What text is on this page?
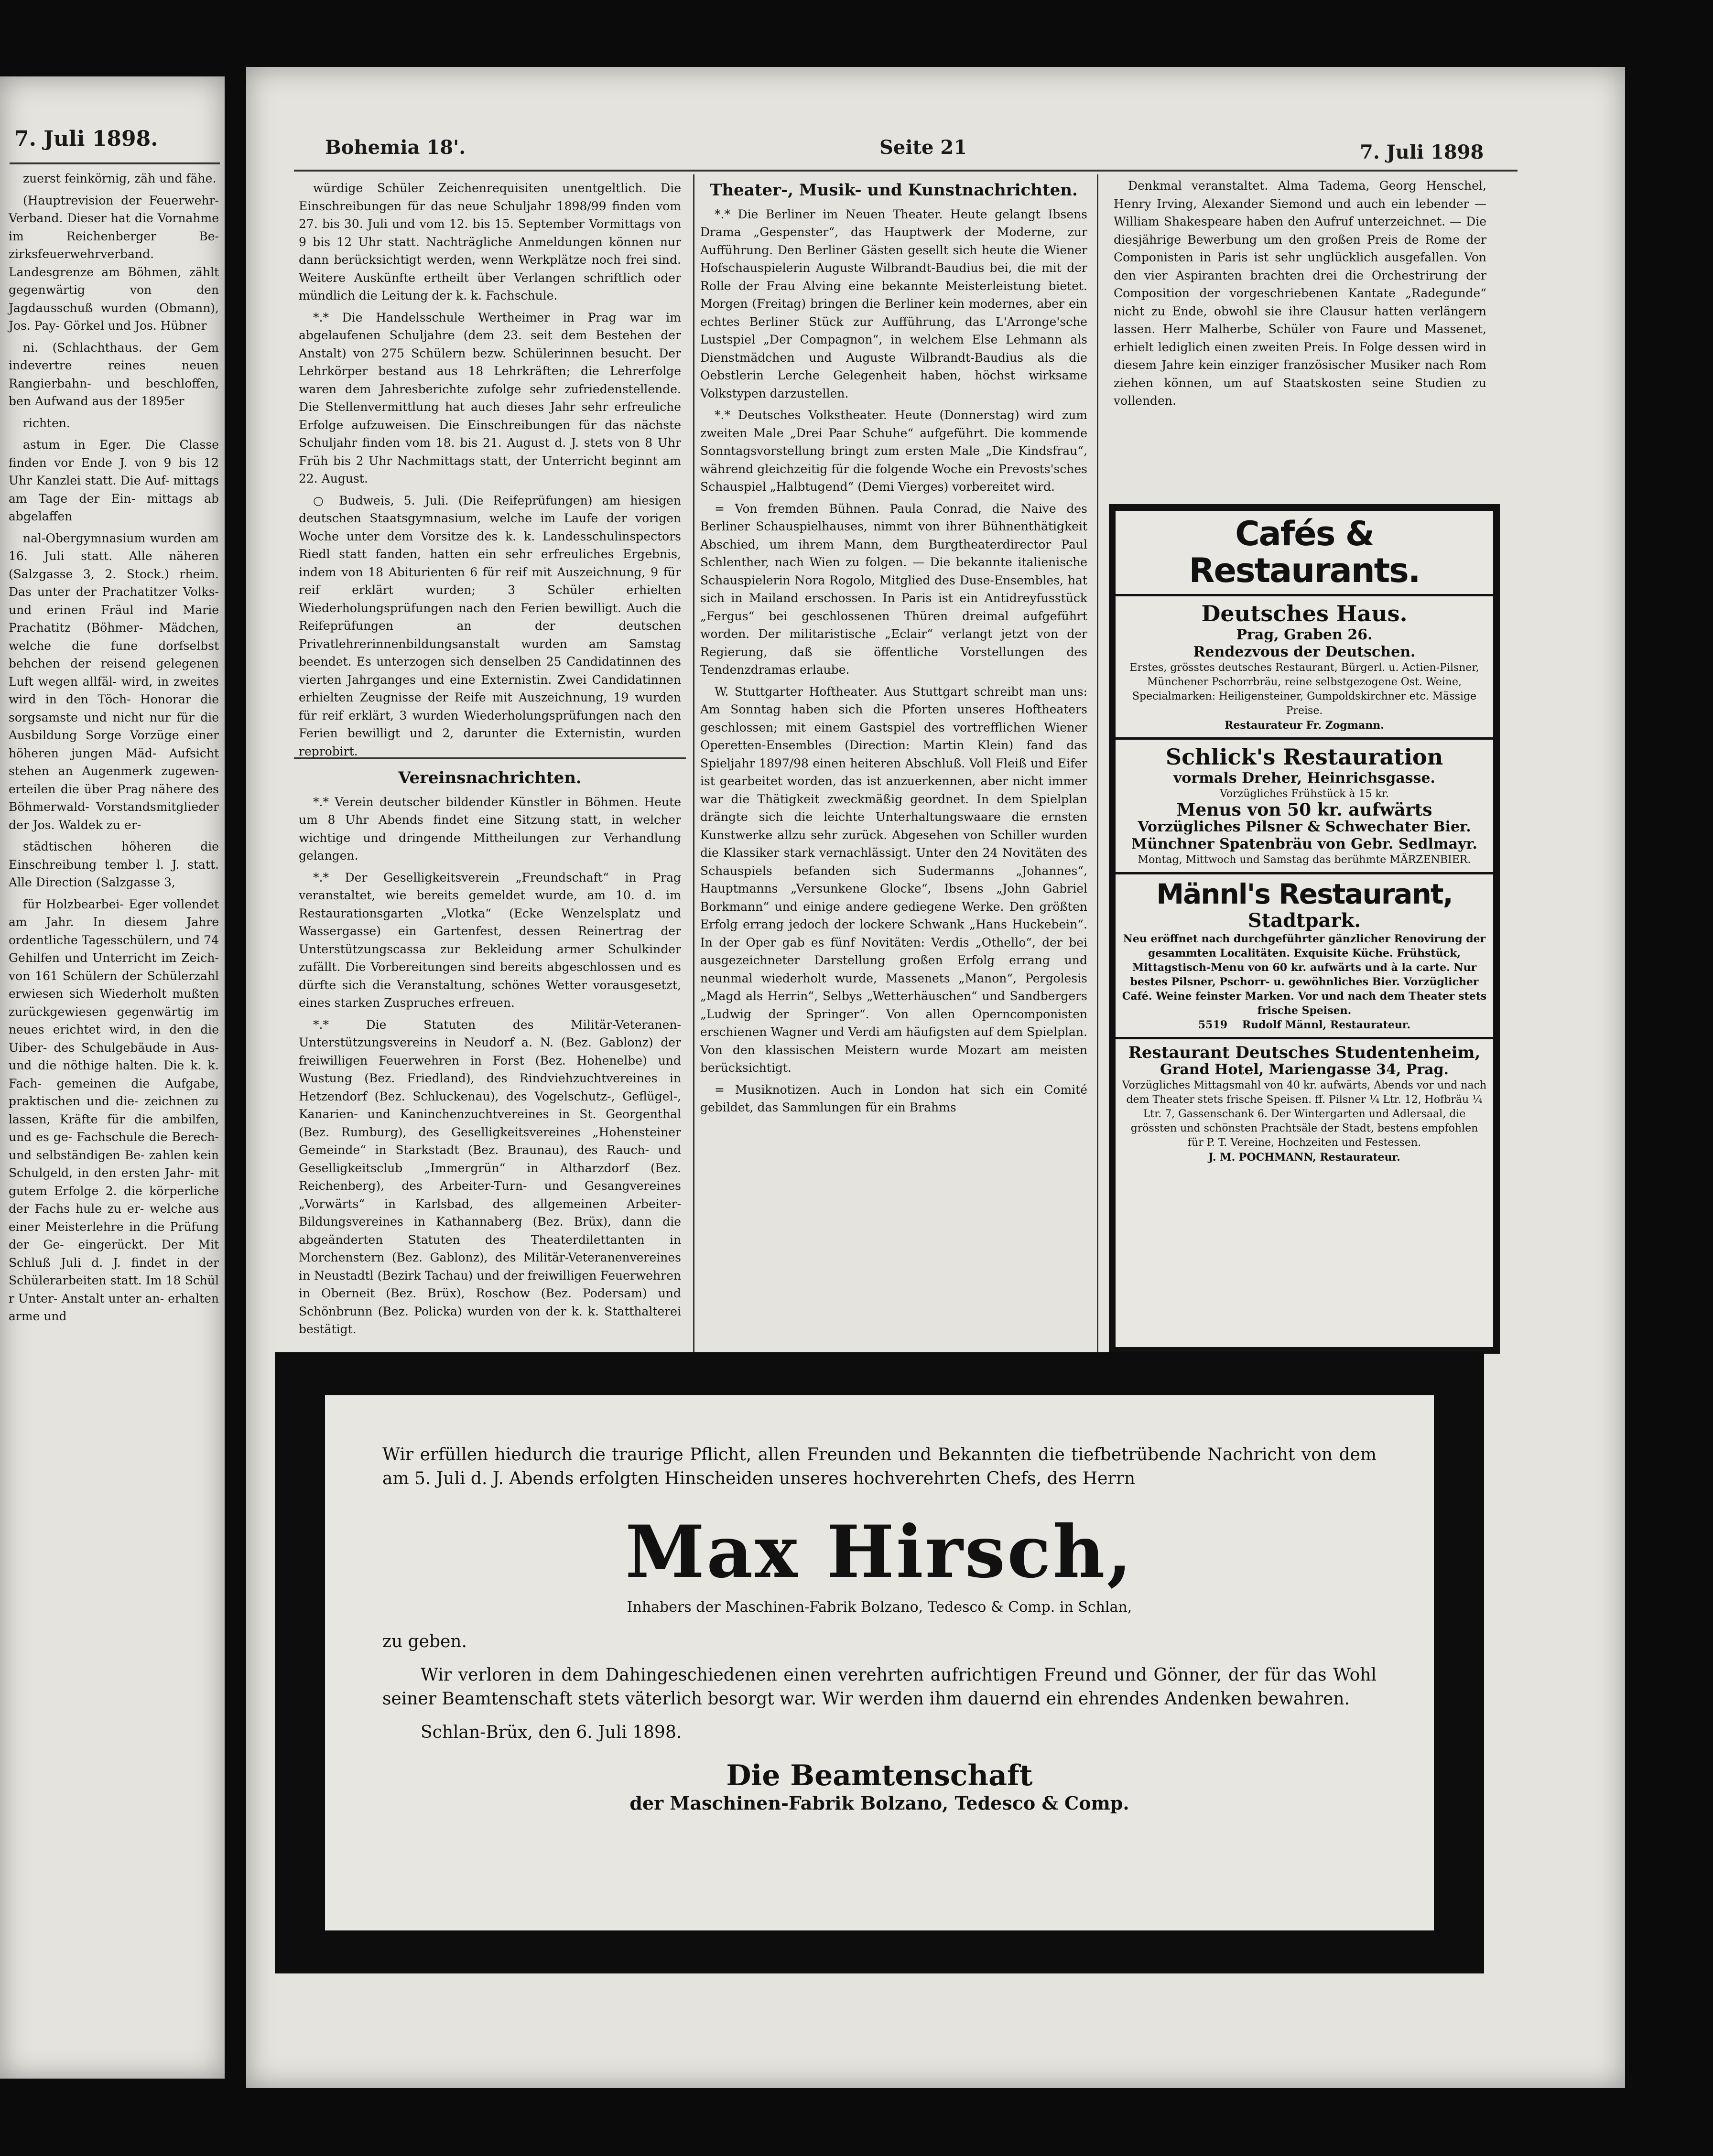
7. Juli 1898.

zuerst feinkörnig, zäh und fähe.

(Hauptrevision der Feuerwehr-Verband. Dieser hat die Vornahme im Reichenberger Be- zirksfeuerwehrverband. Landesgrenze am Böhmen, zählt gegenwärtig von den Jagdausschuß wurden (Obmann), Jos. Pay- Görkel und Jos. Hübner

ni. (Schlachthaus. der Gem indevertre reines neuen Rangierbahn- und beschloffen, ben Aufwand aus der 1895er

richten.

astum in Eger. Die Classe finden vor Ende J. von 9 bis 12 Uhr Kanzlei statt. Die Auf- mittags am Tage der Ein- mittags ab abgelaffen

nal-Obergymnasium wurden am 16. Juli statt. Alle näheren (Salzgasse 3, 2. Stock.) rheim. Das unter der Prachatitzer Volks- und erinen Fräul ind Marie Prachatitz (Böhmer- Mädchen, welche die fune dorfselbst behchen der reisend gelegenen Luft wegen allfäl- wird, in zweites wird in den Töch- Honorar die sorgsamste und nicht nur für die Ausbildung Sorge Vorzüge einer höheren jungen Mäd- Aufsicht stehen an Augenmerk zugewen- erteilen die über Prag nähere des Böhmerwald- Vorstandsmitglieder der Jos. Waldek zu er-

städtischen höheren die Einschreibung tember l. J. statt. Alle Direction (Salzgasse 3,

für Holzbearbei- Eger vollendet am Jahr. In diesem Jahre ordentliche Tagesschülern, und 74 Gehilfen und Unterricht im Zeich- von 161 Schülern der Schülerzahl erwiesen sich Wiederholt mußten zurückgewiesen gegenwärtig im neues erichtet wird, in den die Uiber- des Schulgebäude in Aus- und die nöthige halten. Die k. k. Fach- gemeinen die Aufgabe, praktischen und die- zeichnen zu lassen, Kräfte für die ambilfen, und es ge- Fachschule die Berech- und selbständigen Be- zahlen kein Schulgeld, in den ersten Jahr- mit gutem Erfolge 2. die körperliche der Fachs hule zu er- welche aus einer Meisterlehre in die Prüfung der Ge- eingerückt. Der Mit Schluß Juli d. J. findet in der Schülerarbeiten statt. Im 18 Schül r Unter- Anstalt unter an- erhalten arme und

Bohemia 18'.	Seite 21	7. Juli 1898

würdige Schüler Zeichenrequisiten unentgeltlich. Die Einschreibungen für das neue Schuljahr 1898/99 finden vom 27. bis 30. Juli und vom 12. bis 15. September Vormittags von 9 bis 12 Uhr statt. Nachträgliche Anmeldungen können nur dann berücksichtigt werden, wenn Werkplätze noch frei sind. Weitere Auskünfte ertheilt über Verlangen schriftlich oder mündlich die Leitung der k. k. Fachschule.

*.* Die Handelsschule Wertheimer in Prag war im abgelaufenen Schuljahre (dem 23. seit dem Bestehen der Anstalt) von 275 Schülern bezw. Schülerinnen besucht. Der Lehrkörper bestand aus 18 Lehrkräften; die Lehrerfolge waren dem Jahresberichte zufolge sehr zufriedenstellende. Die Stellenvermittlung hat auch dieses Jahr sehr erfreuliche Erfolge aufzuweisen. Die Einschreibungen für das nächste Schuljahr finden vom 18. bis 21. August d. J. stets von 8 Uhr Früh bis 2 Uhr Nachmittags statt, der Unterricht beginnt am 22. August.

○ Budweis, 5. Juli. (Die Reifeprüfungen) am hiesigen deutschen Staatsgymnasium, welche im Laufe der vorigen Woche unter dem Vorsitze des k. k. Landesschulinspectors Riedl statt fanden, hatten ein sehr erfreuliches Ergebnis, indem von 18 Abiturienten 6 für reif mit Auszeichnung, 9 für reif erklärt wurden; 3 Schüler erhielten Wiederholungsprüfungen nach den Ferien bewilligt. Auch die Reifeprüfungen an der deutschen Privatlehrerinnenbildungsanstalt wurden am Samstag beendet. Es unterzogen sich denselben 25 Candidatinnen des vierten Jahrganges und eine Externistin. Zwei Candidatinnen erhielten Zeugnisse der Reife mit Auszeichnung, 19 wurden für reif erklärt, 3 wurden Wiederholungsprüfungen nach den Ferien bewilligt und 2, darunter die Externistin, wurden reprobirt.

Vereinsnachrichten.

*.* Verein deutscher bildender Künstler in Böhmen. Heute um 8 Uhr Abends findet eine Sitzung statt, in welcher wichtige und dringende Mittheilungen zur Verhandlung gelangen.

*.* Der Geselligkeitsverein „Freundschaft“ in Prag veranstaltet, wie bereits gemeldet wurde, am 10. d. im Restaurationsgarten „Vlotka“ (Ecke Wenzelsplatz und Wassergasse) ein Gartenfest, dessen Reinertrag der Unterstützungscassa zur Bekleidung armer Schulkinder zufällt. Die Vorbereitungen sind bereits abgeschlossen und es dürfte sich die Veranstaltung, schönes Wetter vorausgesetzt, eines starken Zuspruches erfreuen.

*.* Die Statuten des Militär-Veteranen-Unterstützungsvereins in Neudorf a. N. (Bez. Gablonz) der freiwilligen Feuerwehren in Forst (Bez. Hohenelbe) und Wustung (Bez. Friedland), des Rindviehzuchtvereines in Hetzendorf (Bez. Schluckenau), des Vogelschutz-, Geflügel-, Kanarien- und Kaninchenzuchtvereines in St. Georgenthal (Bez. Rumburg), des Geselligkeitsvereines „Hohensteiner Gemeinde“ in Starkstadt (Bez. Braunau), des Rauch- und Geselligkeitsclub „Immergrün“ in Altharzdorf (Bez. Reichenberg), des Arbeiter-Turn- und Gesangvereines „Vorwärts“ in Karlsbad, des allgemeinen Arbeiter-Bildungsvereines in Kathannaberg (Bez. Brüx), dann die abgeänderten Statuten des Theaterdilettanten in Morchenstern (Bez. Gablonz), des Militär-Veteranenvereines in Neustadtl (Bezirk Tachau) und der freiwilligen Feuerwehren in Oberneit (Bez. Brüx), Roschow (Bez. Podersam) und Schönbrunn (Bez. Policka) wurden von der k. k. Statthalterei bestätigt.

Theater-, Musik- und Kunstnachrichten.

*.* Die Berliner im Neuen Theater. Heute gelangt Ibsens Drama „Gespenster“, das Hauptwerk der Moderne, zur Aufführung. Den Berliner Gästen gesellt sich heute die Wiener Hofschauspielerin Auguste Wilbrandt-Baudius bei, die mit der Rolle der Frau Alving eine bekannte Meisterleistung bietet. Morgen (Freitag) bringen die Berliner kein modernes, aber ein echtes Berliner Stück zur Aufführung, das L'Arronge'sche Lustspiel „Der Compagnon“, in welchem Else Lehmann als Dienstmädchen und Auguste Wilbrandt-Baudius als die Oebstlerin Lerche Gelegenheit haben, höchst wirksame Volkstypen darzustellen.

*.* Deutsches Volkstheater. Heute (Donnerstag) wird zum zweiten Male „Drei Paar Schuhe“ aufgeführt. Die kommende Sonntagsvorstellung bringt zum ersten Male „Die Kindsfrau“, während gleichzeitig für die folgende Woche ein Prevosts'sches Schauspiel „Halbtugend“ (Demi Vierges) vorbereitet wird.

= Von fremden Bühnen. Paula Conrad, die Naive des Berliner Schauspielhauses, nimmt von ihrer Bühnenthätigkeit Abschied, um ihrem Mann, dem Burgtheaterdirector Paul Schlenther, nach Wien zu folgen. — Die bekannte italienische Schauspielerin Nora Rogolo, Mitglied des Duse-Ensembles, hat sich in Mailand erschossen. In Paris ist ein Antidreyfusstück „Fergus“ bei geschlossenen Thüren dreimal aufgeführt worden. Der militaristische „Eclair“ verlangt jetzt von der Regierung, daß sie öffentliche Vorstellungen des Tendenzdramas erlaube.

W. Stuttgarter Hoftheater. Aus Stuttgart schreibt man uns: Am Sonntag haben sich die Pforten unseres Hoftheaters geschlossen; mit einem Gastspiel des vortrefflichen Wiener Operetten-Ensembles (Direction: Martin Klein) fand das Spieljahr 1897/98 einen heiteren Abschluß. Voll Fleiß und Eifer ist gearbeitet worden, das ist anzuerkennen, aber nicht immer war die Thätigkeit zweckmäßig geordnet. In dem Spielplan drängte sich die leichte Unterhaltungswaare die ernsten Kunstwerke allzu sehr zurück. Abgesehen von Schiller wurden die Klassiker stark vernachlässigt. Unter den 24 Novitäten des Schauspiels befanden sich Sudermanns „Johannes“, Hauptmanns „Versunkene Glocke“, Ibsens „John Gabriel Borkmann“ und einige andere gediegene Werke. Den größten Erfolg errang jedoch der lockere Schwank „Hans Huckebein“. In der Oper gab es fünf Novitäten: Verdis „Othello“, der bei ausgezeichneter Darstellung großen Erfolg errang und neunmal wiederholt wurde, Massenets „Manon“, Pergolesis „Magd als Herrin“, Selbys „Wetterhäuschen“ und Sandbergers „Ludwig der Springer“. Von allen Operncomponisten erschienen Wagner und Verdi am häufigsten auf dem Spielplan. Von den klassischen Meistern wurde Mozart am meisten berücksichtigt.

= Musiknotizen. Auch in London hat sich ein Comité gebildet, das Sammlungen für ein Brahms

Denkmal veranstaltet. Alma Tadema, Georg Henschel, Henry Irving, Alexander Siemond und auch ein lebender — William Shakespeare haben den Aufruf unterzeichnet. — Die diesjährige Bewerbung um den großen Preis de Rome der Componisten in Paris ist sehr unglücklich ausgefallen. Von den vier Aspiranten brachten drei die Orchestrirung der Composition der vorgeschriebenen Kantate „Radegunde“ nicht zu Ende, obwohl sie ihre Clausur hatten verlängern lassen. Herr Malherbe, Schüler von Faure und Massenet, erhielt lediglich einen zweiten Preis. In Folge dessen wird in diesem Jahre kein einziger französischer Musiker nach Rom ziehen können, um auf Staatskosten seine Studien zu vollenden.

Cafés & Restaurants.
Deutsches Haus.
Prag, Graben 26.
Rendezvous der Deutschen.
Erstes, grösstes deutsches Restaurant, Bürgerl. u. Actien-Pilsner, Münchener Pschorrbräu, reine selbstgezogene Ost. Weine, Specialmarken: Heiligensteiner, Gumpoldskirchner etc. Mässige Preise.
Restaurateur Fr. Zogmann.
Schlick's Restauration
vormals Dreher, Heinrichsgasse.
Vorzügliches Frühstück à 15 kr.
Menus von 50 kr. aufwärts
Vorzügliches Pilsner & Schwechater Bier.
Münchner Spatenbräu von Gebr. Sedlmayr.
Montag, Mittwoch und Samstag das berühmte MÄRZENBIER.
Männl's Restaurant,
Stadtpark.
Neu eröffnet nach durchgeführter gänzlicher Renovirung der gesammten Localitäten. Exquisite Küche. Frühstück, Mittagstisch-Menu von 60 kr. aufwärts und à la carte. Nur bestes Pilsner, Pschorr- u. gewöhnliches Bier. Vorzüglicher Café. Weine feinster Marken. Vor und nach dem Theater stets frische Speisen.
5519 Rudolf Männl, Restaurateur.
Restaurant Deutsches Studentenheim,
Grand Hotel, Mariengasse 34, Prag.
Vorzügliches Mittagsmahl von 40 kr. aufwärts, Abends vor und nach dem Theater stets frische Speisen. ff. Pilsner ¼ Ltr. 12, Hofbräu ¼ Ltr. 7, Gassenschank 6. Der Wintergarten und Adlersaal, die grössten und schönsten Prachtsäle der Stadt, bestens empfohlen für P. T. Vereine, Hochzeiten und Festessen.
J. M. POCHMANN, Restaurateur.
Wir erfüllen hiedurch die traurige Pflicht, allen Freunden und Bekannten die tiefbetrübende Nachricht von dem am 5. Juli d. J. Abends erfolgten Hinscheiden unseres hochverehrten Chefs, des Herrn
Max Hirsch,
Inhabers der Maschinen-Fabrik Bolzano, Tedesco & Comp. in Schlan,
zu geben.
Wir verloren in dem Dahingeschiedenen einen verehrten aufrichtigen Freund und Gönner, der für das Wohl seiner Beamtenschaft stets väterlich besorgt war. Wir werden ihm dauernd ein ehrendes Andenken bewahren.
Schlan-Brüx, den 6. Juli 1898.
Die Beamtenschaft
der Maschinen-Fabrik Bolzano, Tedesco & Comp.
